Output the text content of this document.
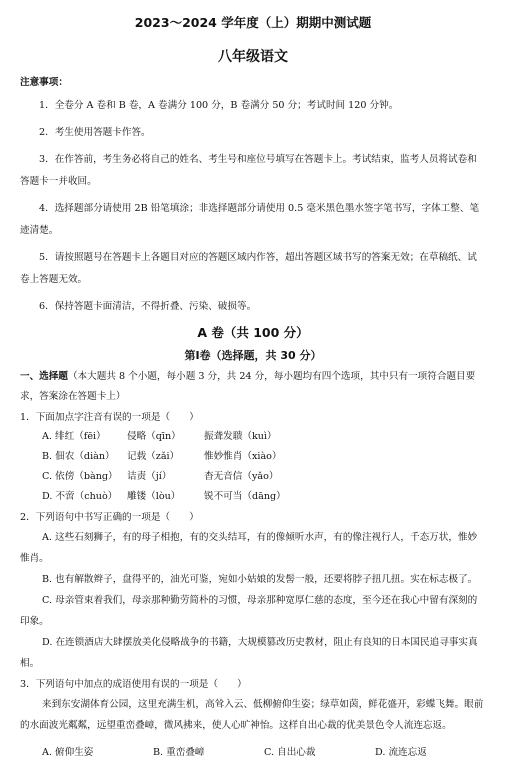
2023～2024 学年度（上）期期中测试题
八年级语文
注意事项：

1．全卷分 A 卷和 B 卷，A 卷满分 100 分，B 卷满分 50 分；考试时间 120 分钟。

2．考生使用答题卡作答。

3．在作答前，考生务必将自己的姓名、考生号和座位号填写在答题卡上。考试结束，监考人员将试卷和答题卡一并收回。

4．选择题部分请使用 2B 铅笔填涂；非选择题部分请使用 0.5 毫米黑色墨水签字笔书写，字体工整、笔迹清楚。

5．请按照题号在答题卡上各题目对应的答题区域内作答，超出答题区域书写的答案无效；在草稿纸、试卷上答题无效。

6．保持答题卡面清洁，不得折叠、污染、破损等。

A 卷（共 100 分）
第Ⅰ卷（选择题，共 30 分）
一、选择题（本大题共 8 个小题，每小题 3 分，共 24 分，每小题均有四个选项，其中只有一项符合题目要求，答案涂在答题卡上）
1．下面加点字注音有误的一项是（　　）
A. 绯红（fēi）	侵略（qīn）	振聋发聩（kuì）
B. 佃农（diàn）	记载（zǎi）	惟妙惟肖（xiào）
C. 依傍（bàng） 诘责（jí）	杳无音信（yǎo）
D. 不啻（chuò）	雕镂（lòu）	锐不可当（dāng）
2．下列语句中书写正确的一项是（　　）
A. 这些石刻狮子，有的母子相抱，有的交头结耳，有的像倾听水声，有的像注视行人，千态万状，惟妙惟肖。
B. 也有解散辫子，盘得平的，油光可鉴，宛如小姑娘的发髻一般，还要将脖子扭几扭。实在标志极了。
C. 母亲管束着我们，母亲那种勤劳简朴的习惯，母亲那种宽厚仁慈的态度，至今还在我心中留有深刻的印象。
D. 在连锁酒店大肆摆放美化侵略战争的书籍，大规模篡改历史教材，阻止有良知的日本国民追寻事实真相。
3．下列语句中加点的成语使用有误的一项是（　　）
来到东安湖体育公园，这里充满生机，高耸入云、低柳俯仰生姿；绿草如茵，鲜花盛开，彩蝶飞舞。眼前的水面波光粼粼，远望重峦叠嶂，微风拂来，使人心旷神怡。这样自出心裁的优美景色令人流连忘返。
A. 俯仰生姿	B. 重峦叠嶂	C. 自出心裁	D. 流连忘返
